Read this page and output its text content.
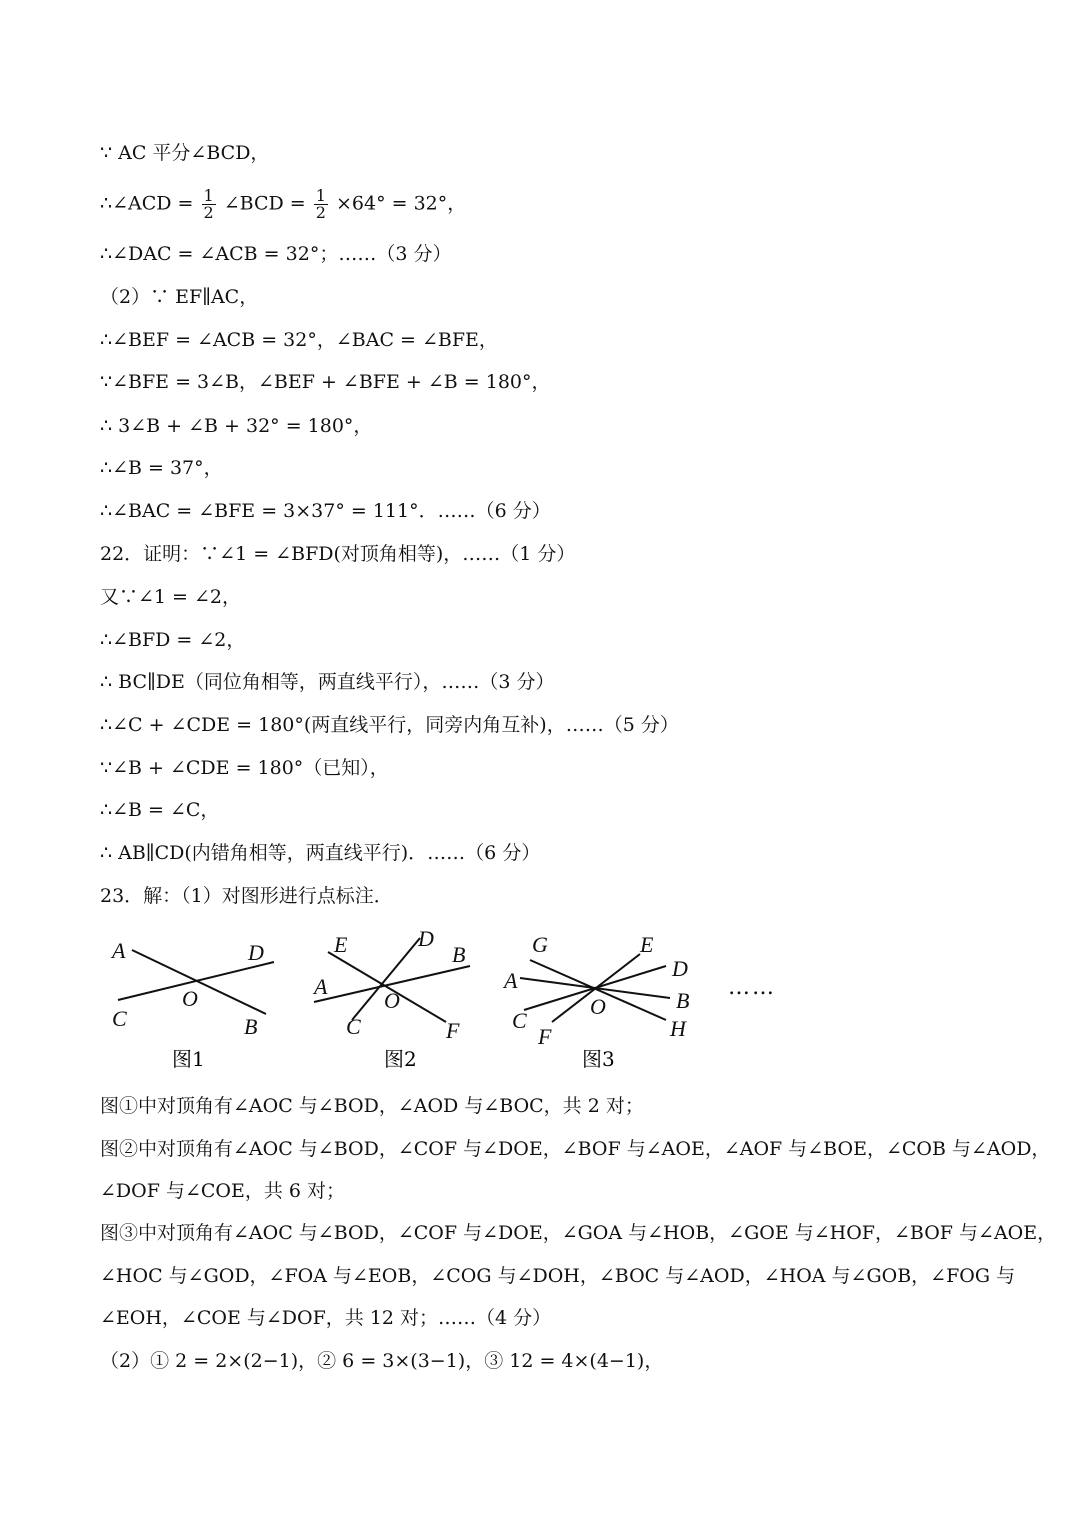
∵ AC 平分∠BCD，
∴∠ACD = $\frac{1}{2}$ ∠BCD = $\frac{1}{2} \times 64^\circ = 32^\circ$，
∴∠DAC = ∠ACB = 32°；……（3 分）
（2）∵ EF∥AC，
∴∠BEF = ∠ACB = 32°，∠BAC = ∠BFE，
∵∠BFE = 3∠B，∠BEF + ∠BFE + ∠B = 180°，
∴ 3∠B + ∠B + 32° = 180°，
∴∠B = 37°，
∴∠BAC = ∠BFE = 3×37° = 111°．……（6 分）
22．证明：∵∠1 = ∠BFD(对顶角相等)，……（1 分）
又∵∠1 = ∠2，
∴∠BFD = ∠2，
∴ BC∥DE（同位角相等，两直线平行），……（3 分）
∴∠C + ∠CDE = 180°(两直线平行，同旁内角互补)，……（5 分）
∵∠B + ∠CDE = 180°（已知），
∴∠B = ∠C，
∴ AB∥CD(内错角相等，两直线平行)．……（6 分）
23．解：（1）对图形进行点标注．
A	D
O
C	B
图1
E	D
B
A
O
C	F
图2
G	E
D
A
O	B
C	H
F
图3
……
图①中对顶角有∠AOC 与∠BOD，∠AOD 与∠BOC，共 2 对；
图②中对顶角有∠AOC 与∠BOD，∠COF 与∠DOE，∠BOF 与∠AOE，∠AOF 与∠BOE，∠COB 与∠AOD，
∠DOF 与∠COE，共 6 对；
图③中对顶角有∠AOC 与∠BOD，∠COF 与∠DOE，∠GOA 与∠HOB，∠GOE 与∠HOF，∠BOF 与∠AOE，
∠HOC 与∠GOD，∠FOA 与∠EOB，∠COG 与∠DOH，∠BOC 与∠AOD，∠HOA 与∠GOB，∠FOG 与
∠EOH，∠COE 与∠DOF，共 12 对；……（4 分）
（2）① 2 = 2×(2−1)，② 6 = 3×(3−1)，③ 12 = 4×(4−1)，
